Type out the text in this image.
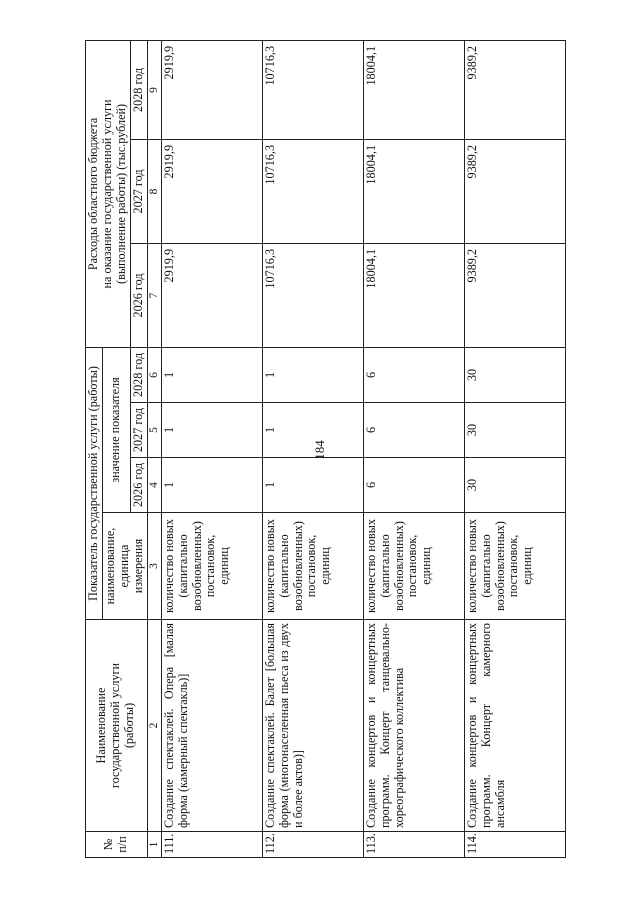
184
№
п/п	Наименование
государственной услуги
(работы)	Показатель государственной услуги (работы)				Расходы областного бюджета
на оказание государственной услуги
(выполнение работы) (тыс.рублей)		
		наименование, единица измерения	значение показателя					
			2026 год	2027 год	2028 год	2026 год	2027 год	2028 год
1	2	3	4	5	6	7	8	9
111.	Создание спектаклей. Опера [малая форма (камерный спектакль)]	количество новых (капитально возобновленных) постановок, единиц	1	1	1	2919,9	2919,9	2919,9
112.	Создание спектаклей. Балет [большая форма (многонаселенная пьеса из двух и более актов)]	количество новых (капитально возобновленных) постановок, единиц	1	1	1	10716,3	10716,3	10716,3
113.	Создание концертов и концертных программ. Концерт танцевально-хореографического коллектива	количество новых (капитально возобновленных) постановок, единиц	6	6	6	18004,1	18004,1	18004,1
114.	Создание концертов и концертных программ. Концерт камерного ансамбля	количество новых (капитально возобновленных) постановок, единиц	30	30	30	9389,2	9389,2	9389,2
